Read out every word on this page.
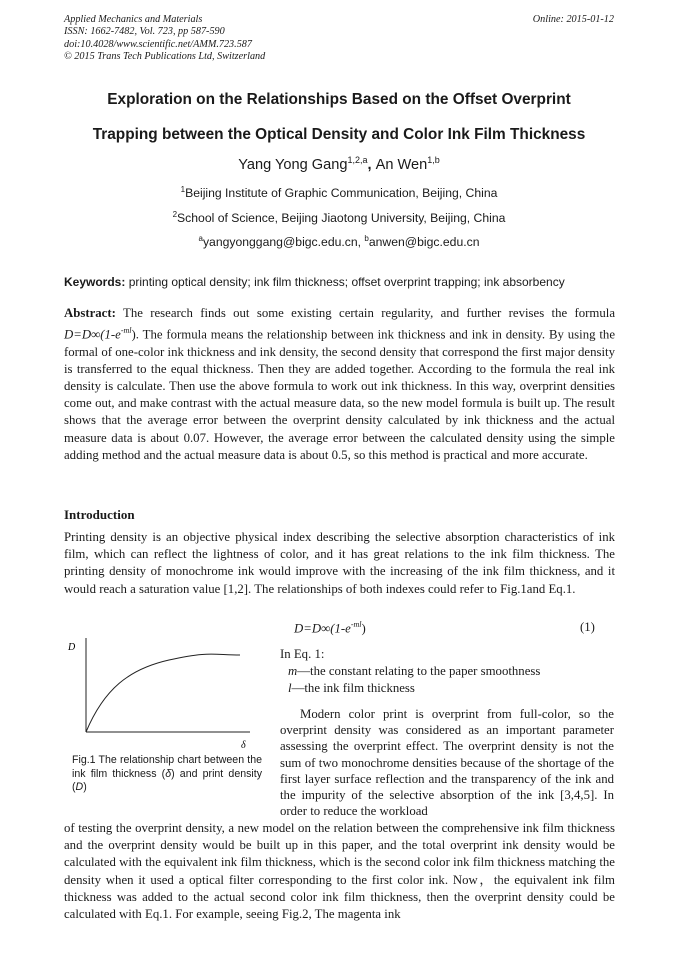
Applied Mechanics and Materials
ISSN: 1662-7482, Vol. 723, pp 587-590
doi:10.4028/www.scientific.net/AMM.723.587
© 2015 Trans Tech Publications Ltd, Switzerland
Online: 2015-01-12
Exploration on the Relationships Based on the Offset Overprint
Trapping between the Optical Density and Color Ink Film Thickness
Yang Yong Gang$^{1,2,a}$, An Wen$^{1,b}$
$^1$Beijing Institute of Graphic Communication, Beijing, China
$^2$School of Science, Beijing Jiaotong University, Beijing, China
$^a$yangyonggang@bigc.edu.cn, $^b$anwen@bigc.edu.cn
Keywords: printing optical density; ink film thickness; offset overprint trapping; ink absorbency
Abstract: The research finds out some existing certain regularity, and further revises the formula $D=D\infty(1-e^{-ml})$. The formula means the relationship between ink thickness and ink in density. By using the formal of one-color ink thickness and ink density, the second density that correspond the first major density is transferred to the equal thickness. Then they are added together. According to the formula the real ink density is calculate. Then use the above formula to work out ink thickness. In this way, overprint densities come out, and make contrast with the actual measure data, so the new model formula is built up. The result shows that the average error between the overprint density calculated by ink thickness and the actual measure data is about 0.07. However, the average error between the calculated density using the simple adding method and the actual measure data is about 0.5, so this method is practical and more accurate.
Introduction
Printing density is an objective physical index describing the selective absorption characteristics of ink film, which can reflect the lightness of color, and it has great relations to the ink film thickness. The printing density of monochrome ink would improve with the increasing of the ink film thickness, and it would reach a saturation value [1,2]. The relationships of both indexes could refer to Fig.1and Eq.1.
D
δ
Fig.1 The relationship chart between the ink film thickness (δ) and print density (D)
$D=D\infty(1-e^{-ml})$	(1)
In Eq. 1:
m—the constant relating to the paper smoothness
l—the ink film thickness
Modern color print is overprint from full-color, so the overprint density was considered as an important parameter assessing the overprint effect. The overprint density is not the sum of two monochrome densities because of the shortage of the first layer surface reflection and the transparency of the ink and the impurity of the selective absorption of the ink [3,4,5]. In order to reduce the workload
of testing the overprint density, a new model on the relation between the comprehensive ink film thickness and the overprint density would be built up in this paper, and the total overprint ink density would be calculated with the equivalent ink film thickness, which is the second color ink film thickness matching the density when it used a optical filter corresponding to the first color ink. Now，the equivalent ink film thickness was added to the actual second color ink film thickness, then the overprint density could be calculated with Eq.1. For example, seeing Fig.2, The magenta ink
